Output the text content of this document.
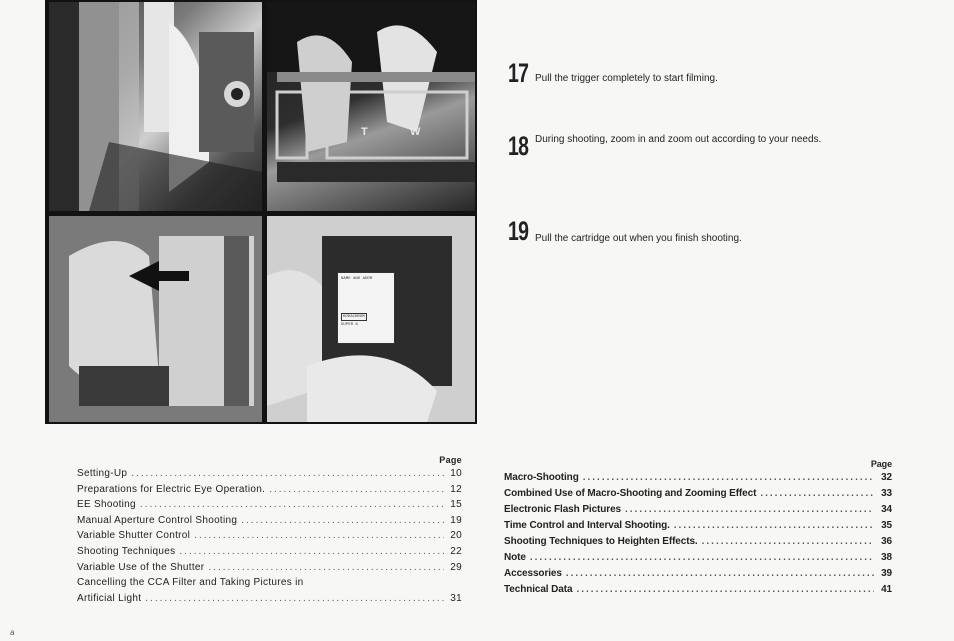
T	W
NAME AND ADDR
KODACHROM
SUPER 8
17 Pull the trigger completely to start filming.
18 During shooting, zoom in and zoom out according to your needs.
19 Pull the cartridge out when you finish shooting.
Page
Setting-Up .....	10
Preparations for Electric Eye Operation. .....	12
EE Shooting .....	15
Manual Aperture Control Shooting .....	19
Variable Shutter Control .....	20
Shooting Techniques .....	22
Variable Use of the Shutter .....	29
Cancelling the CCA Filter and Taking Pictures in
Artificial Light .....	31
Page
Macro-Shooting .....	32
Combined Use of Macro-Shooting and Zooming Effect .....	33
Electronic Flash Pictures .....	34
Time Control and Interval Shooting. .....	35
Shooting Techniques to Heighten Effects. .....	36
Note .....	38
Accessories .....	39
Technical Data .....	41
a
